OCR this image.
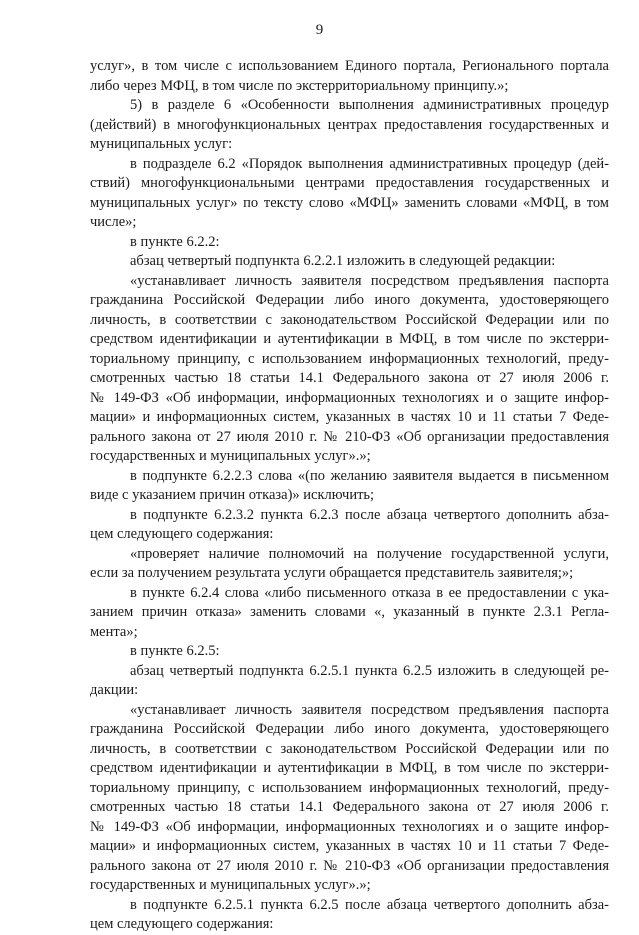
9
услуг», в том числе с использованием Единого портала, Регионального портала
либо через МФЦ, в том числе по экстерриториальному принципу.»;
5) в разделе 6 «Особенности выполнения административных процедур
(действий) в многофункциональных центрах предоставления государственных и
муниципальных услуг:
в подразделе 6.2 «Порядок выполнения административных процедур (дей-
ствий) многофункциональными центрами предоставления государственных и
муниципальных услуг» по тексту слово «МФЦ» заменить словами «МФЦ, в том
числе»;
в пункте 6.2.2:
абзац четвертый подпункта 6.2.2.1 изложить в следующей редакции:
«устанавливает личность заявителя посредством предъявления паспорта
гражданина Российской Федерации либо иного документа, удостоверяющего
личность, в соответствии с законодательством Российской Федерации или по
средством идентификации и аутентификации в МФЦ, в том числе по экстерри-
ториальному принципу, с использованием информационных технологий, преду-
смотренных частью 18 статьи 14.1 Федерального закона от 27 июля 2006 г.
№ 149-ФЗ «Об информации, информационных технологиях и о защите инфор-
мации» и информационных систем, указанных в частях 10 и 11 статьи 7 Феде-
рального закона от 27 июля 2010 г. № 210-ФЗ «Об организации предоставления
государственных и муниципальных услуг».»;
в подпункте 6.2.2.3 слова «(по желанию заявителя выдается в письменном
виде с указанием причин отказа)» исключить;
в подпункте 6.2.3.2 пункта 6.2.3 после абзаца четвертого дополнить абза-
цем следующего содержания:
«проверяет наличие полномочий на получение государственной услуги,
если за получением результата услуги обращается представитель заявителя;»;
в пункте 6.2.4 слова «либо письменного отказа в ее предоставлении с ука-
занием причин отказа» заменить словами «, указанный в пункте 2.3.1 Регла-
мента»;
в пункте 6.2.5:
абзац четвертый подпункта 6.2.5.1 пункта 6.2.5 изложить в следующей ре-
дакции:
«устанавливает личность заявителя посредством предъявления паспорта
гражданина Российской Федерации либо иного документа, удостоверяющего
личность, в соответствии с законодательством Российской Федерации или по
средством идентификации и аутентификации в МФЦ, в том числе по экстерри-
ториальному принципу, с использованием информационных технологий, преду-
смотренных частью 18 статьи 14.1 Федерального закона от 27 июля 2006 г.
№ 149-ФЗ «Об информации, информационных технологиях и о защите инфор-
мации» и информационных систем, указанных в частях 10 и 11 статьи 7 Феде-
рального закона от 27 июля 2010 г. № 210-ФЗ «Об организации предоставления
государственных и муниципальных услуг».»;
в подпункте 6.2.5.1 пункта 6.2.5 после абзаца четвертого дополнить абза-
цем следующего содержания:
